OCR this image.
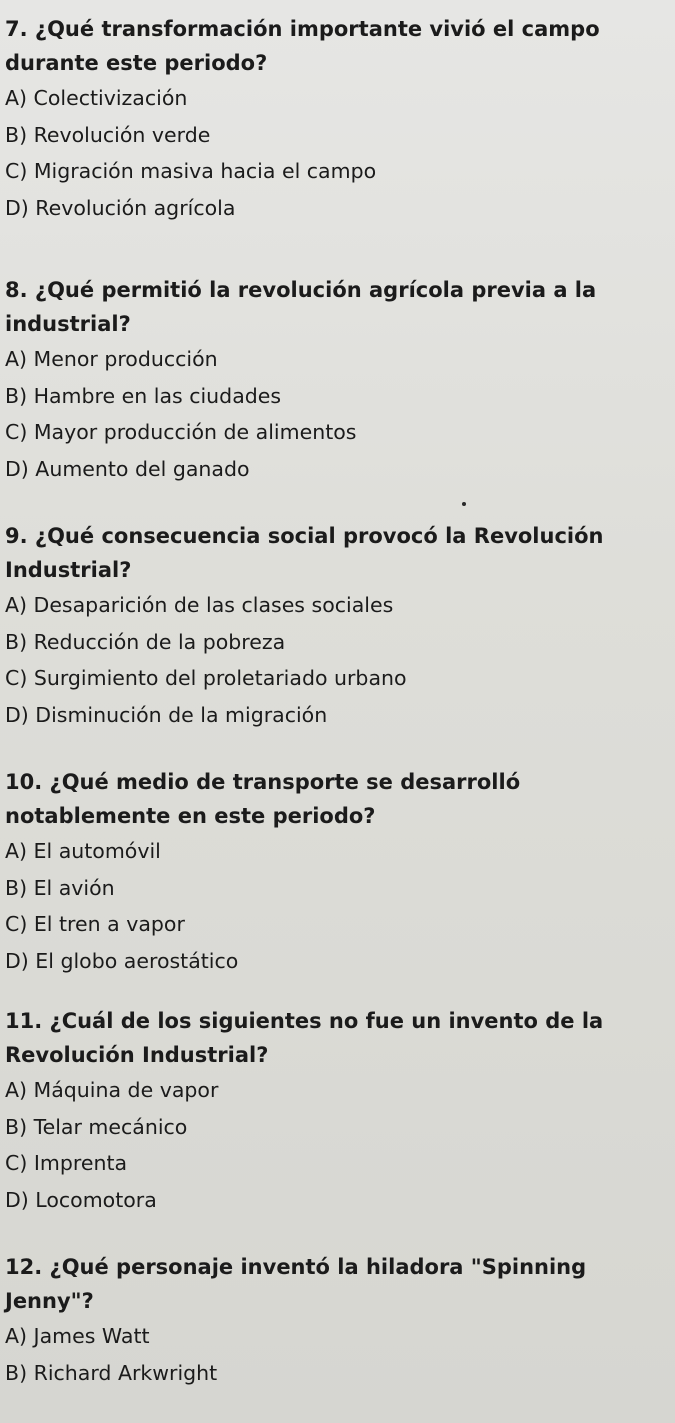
7. ¿Qué transformación importante vivió el campo durante este periodo?

A) Colectivización

B) Revolución verde

C) Migración masiva hacia el campo

D) Revolución agrícola

8. ¿Qué permitió la revolución agrícola previa a la industrial?

A) Menor producción

B) Hambre en las ciudades

C) Mayor producción de alimentos

D) Aumento del ganado

9. ¿Qué consecuencia social provocó la Revolución Industrial?

A) Desaparición de las clases sociales

B) Reducción de la pobreza

C) Surgimiento del proletariado urbano

D) Disminución de la migración

10. ¿Qué medio de transporte se desarrolló notablemente en este periodo?

A) El automóvil

B) El avión

C) El tren a vapor

D) El globo aerostático

11. ¿Cuál de los siguientes no fue un invento de la Revolución Industrial?

A) Máquina de vapor

B) Telar mecánico

C) Imprenta

D) Locomotora

12. ¿Qué personaje inventó la hiladora "Spinning Jenny"?

A) James Watt

B) Richard Arkwright
